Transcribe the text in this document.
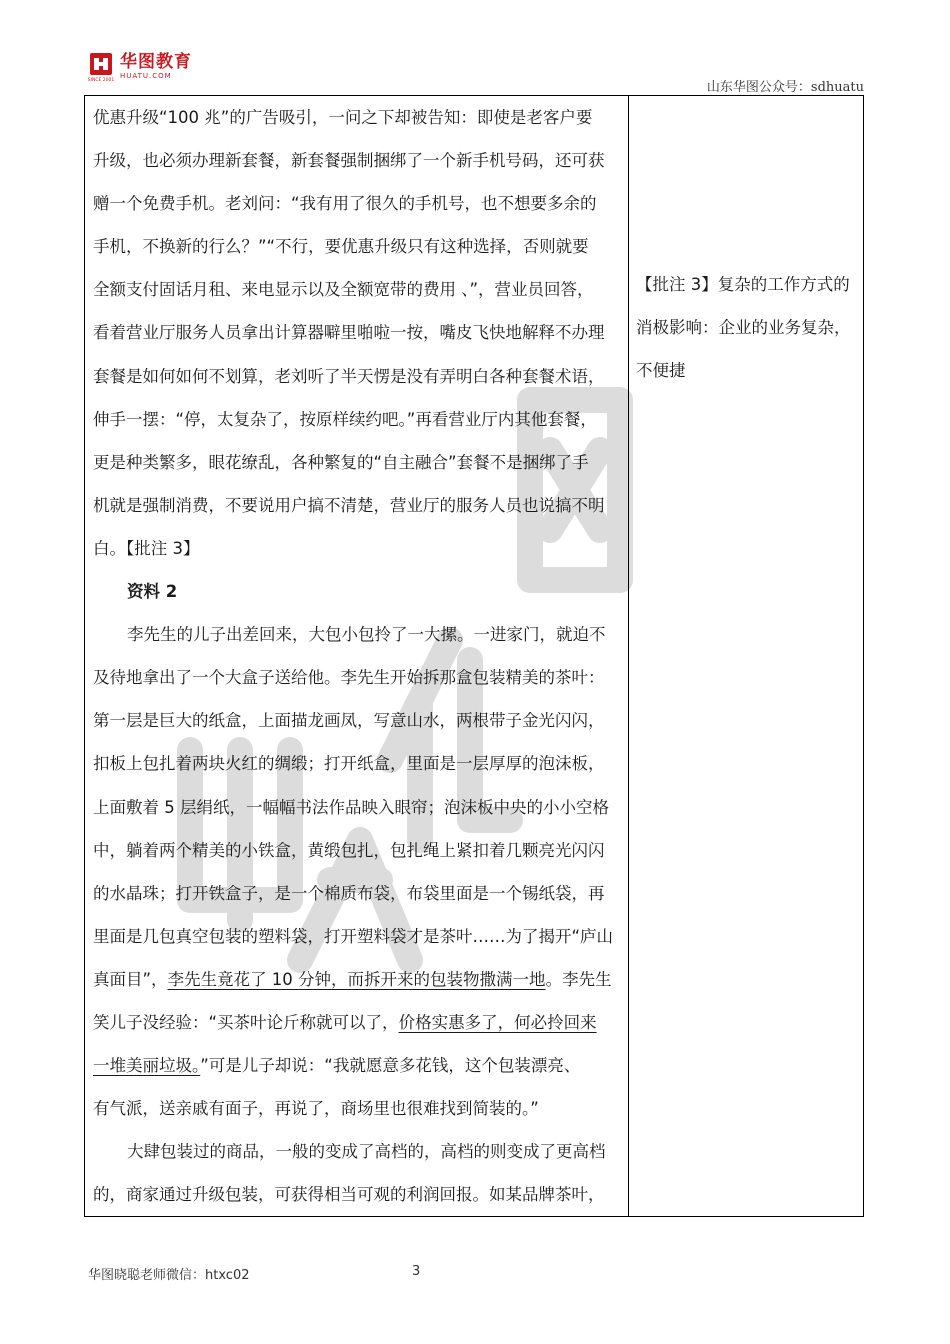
SINCE 2001
华图教育
HUATU.COM
山东华图公众号：sdhuatu
优惠升级“100 兆”的广告吸引，一问之下却被告知：即使是老客户要
升级，也必须办理新套餐，新套餐强制捆绑了一个新手机号码，还可获
赠一个免费手机。老刘问：“我有用了很久的手机号，也不想要多余的
手机，不换新的行么？”“不行，要优惠升级只有这种选择，否则就要
全额支付固话月租、来电显示以及全额宽带的费用 、”，营业员回答，
看着营业厅服务人员拿出计算器噼里啪啦一按，嘴皮飞快地解释不办理
套餐是如何如何不划算，老刘听了半天愣是没有弄明白各种套餐术语，
伸手一摆：“停，太复杂了，按原样续约吧。”再看营业厅内其他套餐，
更是种类繁多，眼花缭乱，各种繁复的“自主融合”套餐不是捆绑了手
机就是强制消费，不要说用户搞不清楚，营业厅的服务人员也说搞不明
白。【批注 3】
资料 2
李先生的儿子出差回来，大包小包拎了一大摞。一进家门，就迫不
及待地拿出了一个大盒子送给他。李先生开始拆那盒包装精美的茶叶：
第一层是巨大的纸盒，上面描龙画凤，写意山水，两根带子金光闪闪，
扣板上包扎着两块火红的绸缎；打开纸盒，里面是一层厚厚的泡沫板，
上面敷着 5 层绢纸，一幅幅书法作品映入眼帘；泡沫板中央的小小空格
中，躺着两个精美的小铁盒，黄缎包扎，包扎绳上紧扣着几颗亮光闪闪
的水晶珠；打开铁盒子，是一个棉质布袋，布袋里面是一个锡纸袋，再
里面是几包真空包装的塑料袋，打开塑料袋才是茶叶……为了揭开“庐山
真面目”，李先生竟花了 10 分钟，而拆开来的包装物撒满一地。李先生
笑儿子没经验：“买茶叶论斤称就可以了，价格实惠多了，何必拎回来
一堆美丽垃圾。”可是儿子却说：“我就愿意多花钱，这个包装漂亮、
有气派，送亲戚有面子，再说了，商场里也很难找到简装的。”
大肆包装过的商品，一般的变成了高档的，高档的则变成了更高档
的，商家通过升级包装，可获得相当可观的利润回报。如某品牌茶叶，
【批注 3】复杂的工作方式的
消极影响：企业的业务复杂，
不便捷
华图晓聪老师微信：htxc02	3
